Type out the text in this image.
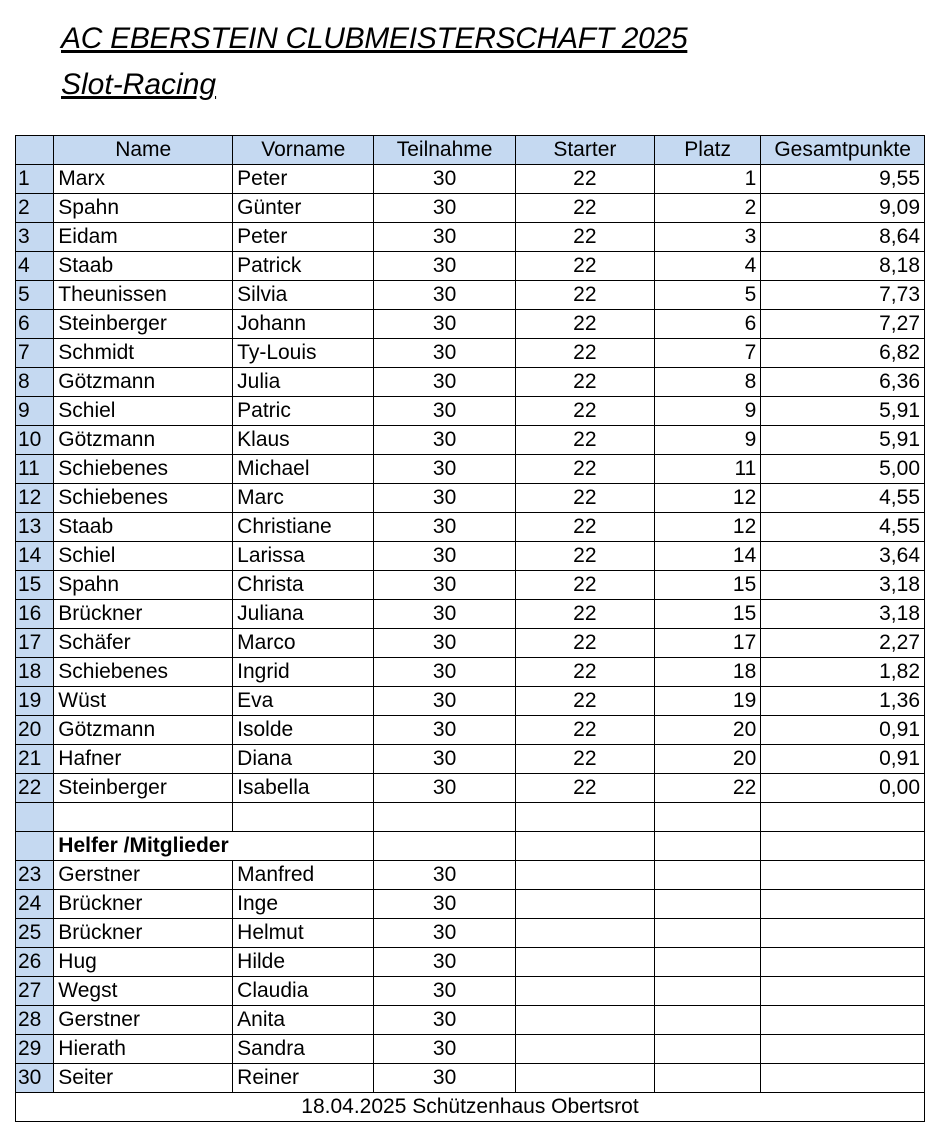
AC EBERSTEIN CLUBMEISTERSCHAFT 2025
Slot-Racing
	Name	Vorname	Teilnahme	Starter	Platz	Gesamtpunkte
1	Marx	Peter	30	22	1	9,55
2	Spahn	Günter	30	22	2	9,09
3	Eidam	Peter	30	22	3	8,64
4	Staab	Patrick	30	22	4	8,18
5	Theunissen	Silvia	30	22	5	7,73
6	Steinberger	Johann	30	22	6	7,27
7	Schmidt	Ty-Louis	30	22	7	6,82
8	Götzmann	Julia	30	22	8	6,36
9	Schiel	Patric	30	22	9	5,91
10	Götzmann	Klaus	30	22	9	5,91
11	Schiebenes	Michael	30	22	11	5,00
12	Schiebenes	Marc	30	22	12	4,55
13	Staab	Christiane	30	22	12	4,55
14	Schiel	Larissa	30	22	14	3,64
15	Spahn	Christa	30	22	15	3,18
16	Brückner	Juliana	30	22	15	3,18
17	Schäfer	Marco	30	22	17	2,27
18	Schiebenes	Ingrid	30	22	18	1,82
19	Wüst	Eva	30	22	19	1,36
20	Götzmann	Isolde	30	22	20	0,91
21	Hafner	Diana	30	22	20	0,91
22	Steinberger	Isabella	30	22	22	0,00

	Helfer /Mitglieder					
23	Gerstner	Manfred	30			
24	Brückner	Inge	30			
25	Brückner	Helmut	30			
26	Hug	Hilde	30			
27	Wegst	Claudia	30			
28	Gerstner	Anita	30			
29	Hierath	Sandra	30			
30	Seiter	Reiner	30			
18.04.2025 Schützenhaus Obertsrot						
